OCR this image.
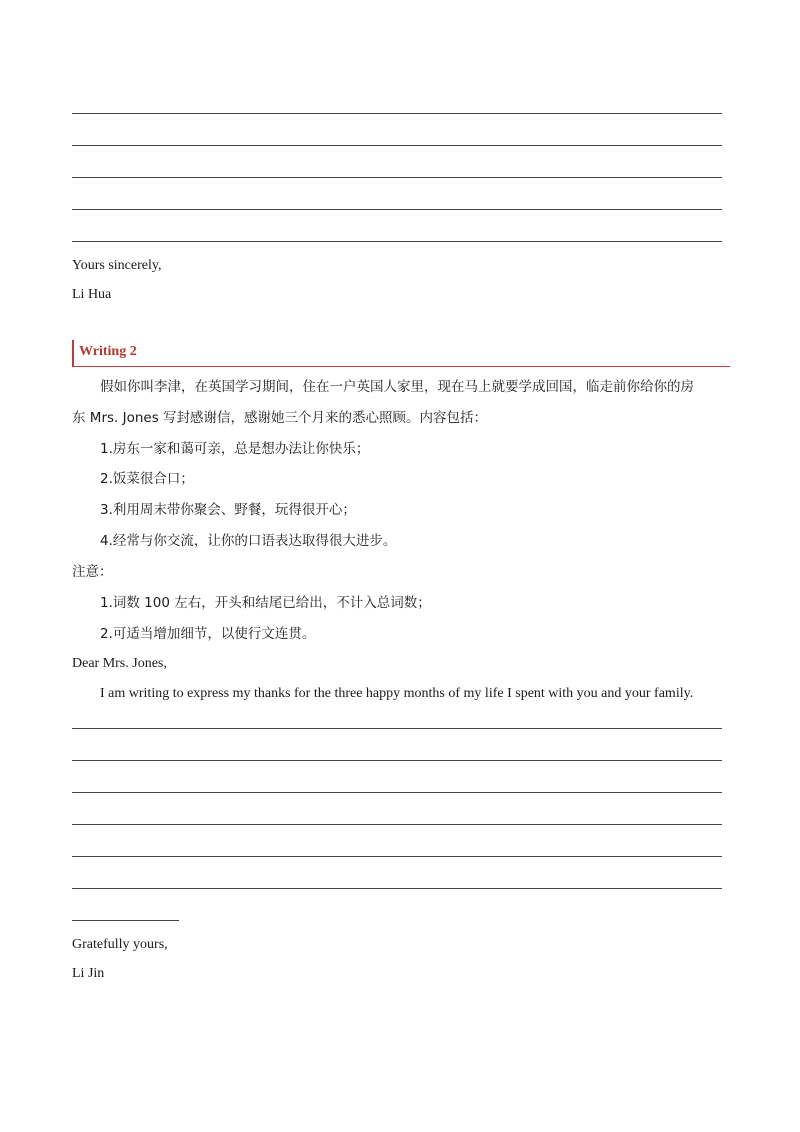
Yours sincerely,
Li Hua
Writing 2
假如你叫李津，在英国学习期间，住在一户英国人家里，现在马上就要学成回国，临走前你给你的房
东 Mrs. Jones 写封感谢信，感谢她三个月来的悉心照顾。内容包括：
1.房东一家和蔼可亲，总是想办法让你快乐；
2.饭菜很合口；
3.利用周末带你聚会、野餐，玩得很开心；
4.经常与你交流，让你的口语表达取得很大进步。
注意：
1.词数 100 左右，开头和结尾已给出，不计入总词数；
2.可适当增加细节，以使行文连贯。
Dear Mrs. Jones,
I am writing to express my thanks for the three happy months of my life I spent with you and your family.
Gratefully yours,
Li Jin
